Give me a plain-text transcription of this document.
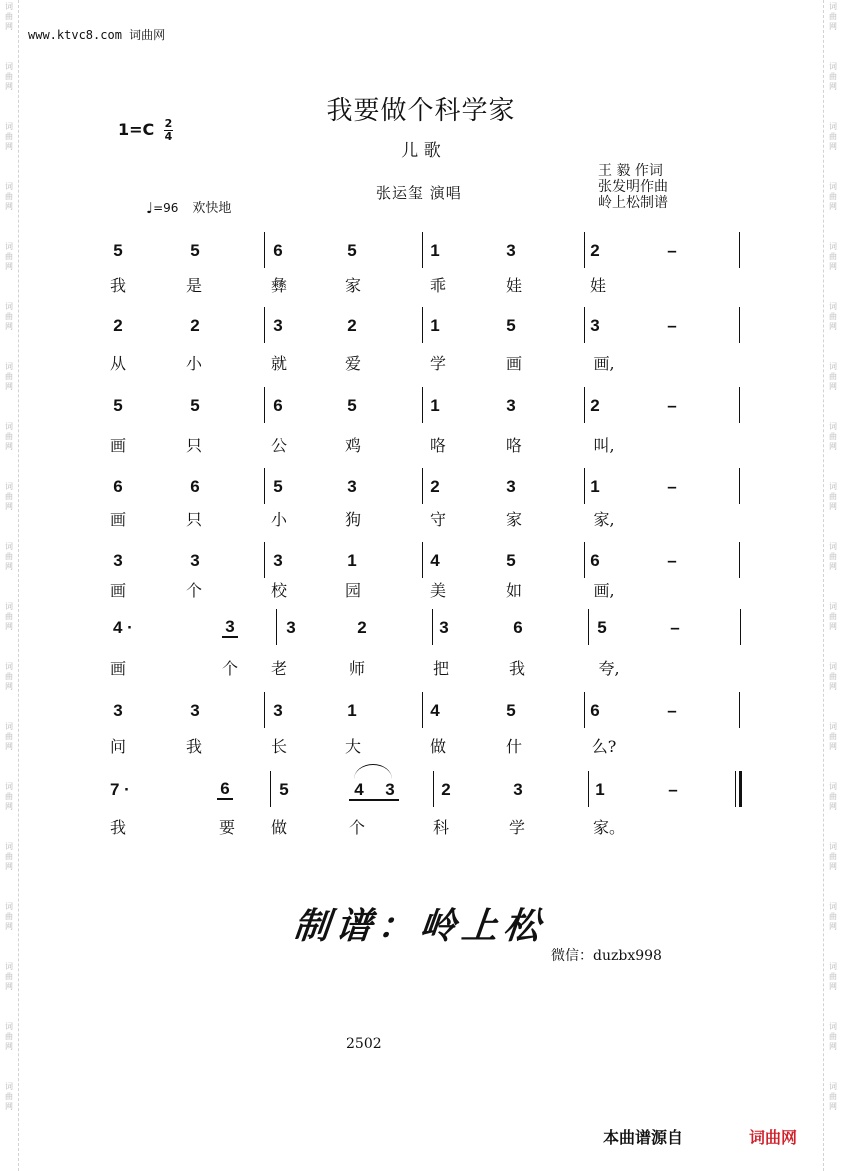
词
曲
网
词
曲
网
词
曲
网
词
曲
网
词
曲
网
词
曲
网
词
曲
网
词
曲
网
词
曲
网
词
曲
网
词
曲
网
词
曲
网
词
曲
网
词
曲
网
词
曲
网
词
曲
网
词
曲
网
词
曲
网
词
曲
网
词
曲
网
词
曲
网
词
曲
网
词
曲
网
词
曲
网
词
曲
网
词
曲
网
词
曲
网
词
曲
网
词
曲
网
词
曲
网
词
曲
网
词
曲
网
词
曲
网
词
曲
网
词
曲
网
词
曲
网
词
曲
网
词
曲
网
www.ktvc8.com 词曲网
我要做个科学家
儿 歌
1=C 2
4
♩=96 欢快地
张运玺 演唱
王 毅 作词
张发明作曲
岭上松制谱
5	5	6	5	1	3	2	–
我	是	彝	家	乖	娃	娃
2	2	3	2	1	5	3	–
从	小	就	爱	学	画	画,
5	5	6	5	1	3	2	–
画	只	公	鸡	咯	咯	叫,
6	6	5	3	2	3	1	–
画	只	小	狗	守	家	家,
3	3	3	1	4	5	6	–
画	个	校	园	美	如	画,
4 ·	3	3	2	3	6	5	–
画	个 老	师	把	我	夸,
3	3	3	1	4	5	6	–
问	我	长	大	做	什	么?
7 ·	6	5	4 3	2	3	1	–
我	要 做	个	科	学	家。
制谱：岭上松
微信：duzbx998
2502
本曲谱源自	词曲网
